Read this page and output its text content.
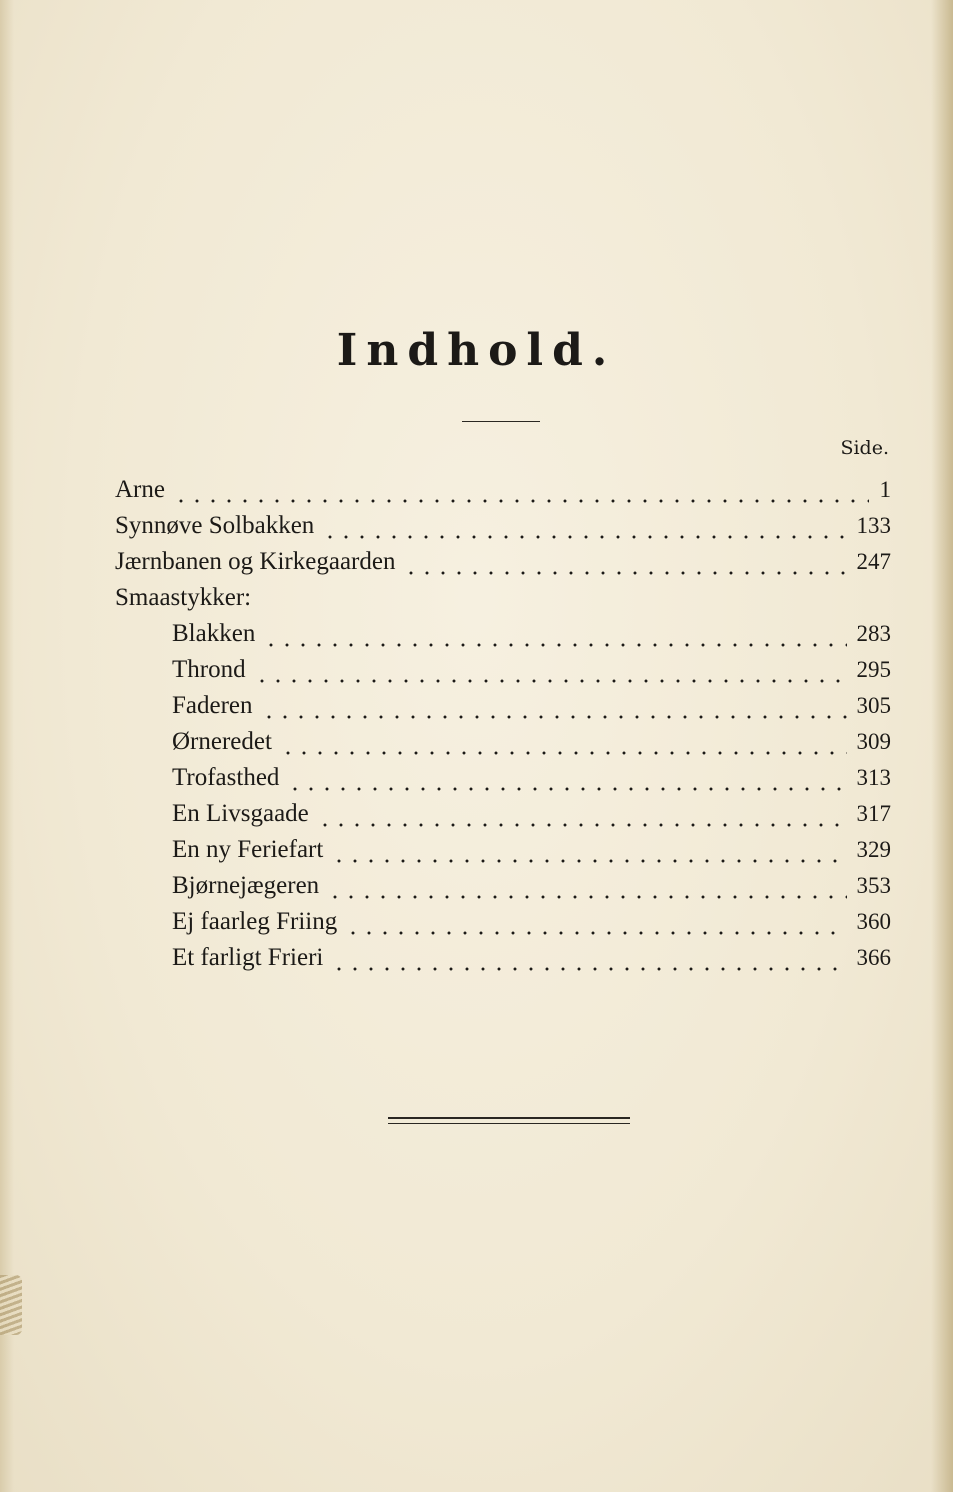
Indhold.
Side.
Arne	1
Synnøve Solbakken	133
Jærnbanen og Kirkegaarden	247
Smaastykker:
Blakken	283
Thrond	295
Faderen	305
Ørneredet	309
Trofasthed	313
En Livsgaade	317
En ny Feriefart	329
Bjørnejægeren	353
Ej faarleg Friing	360
Et farligt Frieri	366
